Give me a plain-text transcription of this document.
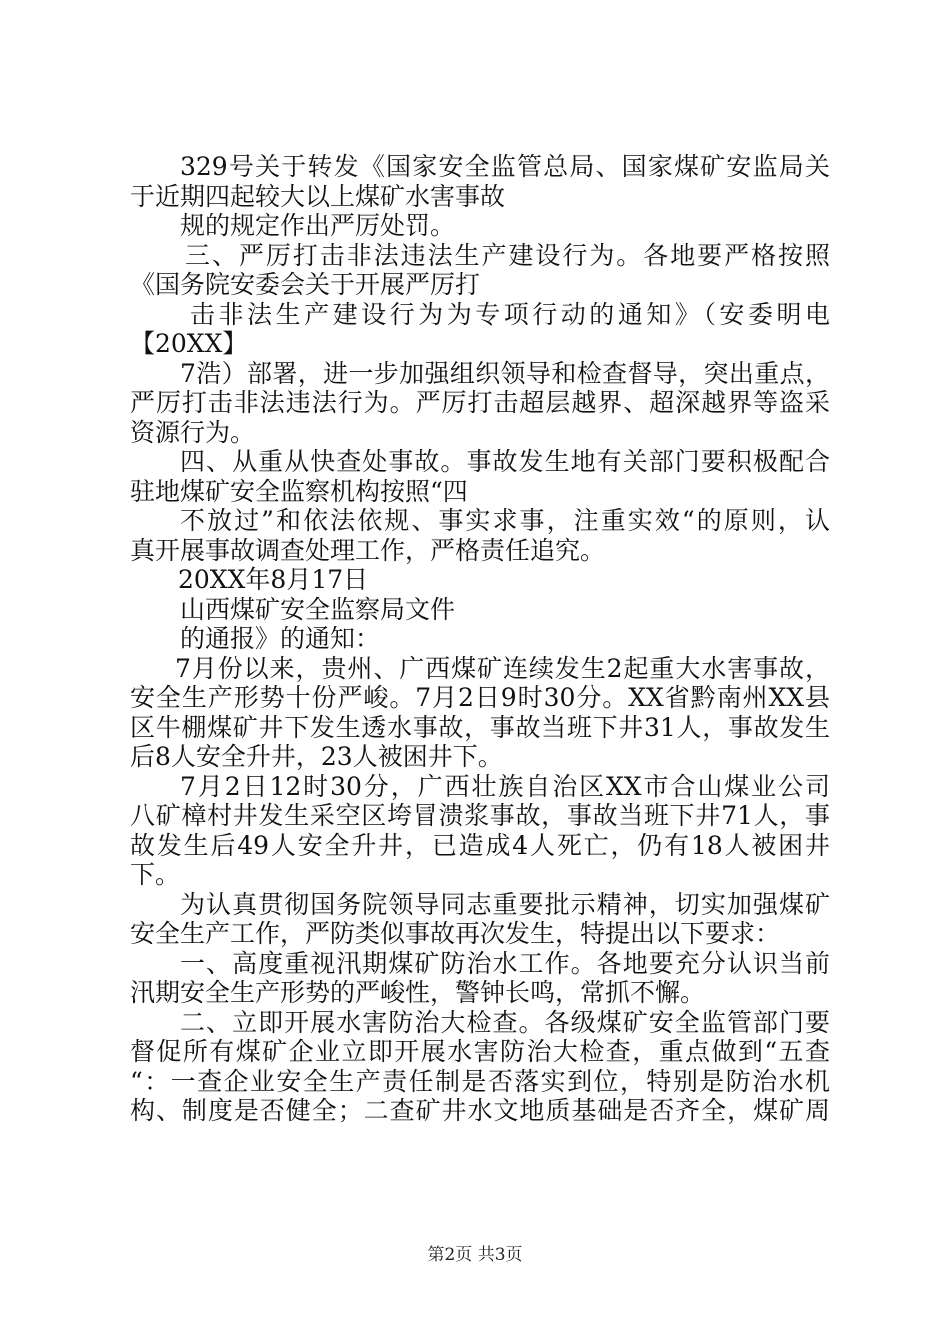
329号关于转发《国家安全监管总局、国家煤矿安监局关
于近期四起较大以上煤矿水害事故
规的规定作出严厉处罚。
三、严厉打击非法违法生产建设行为。各地要严格按照
《国务院安委会关于开展严厉打
击非法生产建设行为为专项行动的通知》（安委明电
【20XX】
7浩）部署，进一步加强组织领导和检查督导，突出重点，
严厉打击非法违法行为。严厉打击超层越界、超深越界等盗采
资源行为。
四、从重从快查处事故。事故发生地有关部门要积极配合
驻地煤矿安全监察机构按照“四
不放过”和依法依规、事实求事，注重实效“的原则，认
真开展事故调查处理工作，严格责任追究。
20XX年8月17日
山西煤矿安全监察局文件
的通报》的通知：
7月份以来，贵州、广西煤矿连续发生2起重大水害事故，
安全生产形势十份严峻。7月2日9时30分。XX省黔南州XX县
区牛棚煤矿井下发生透水事故，事故当班下井31人，事故发生
后8人安全升井，23人被困井下。
7月2日12时30分，广西壮族自治区XX市合山煤业公司
八矿樟村井发生采空区垮冒溃浆事故，事故当班下井71人，事
故发生后49人安全升井，已造成4人死亡，仍有18人被困井
下。
为认真贯彻国务院领导同志重要批示精神，切实加强煤矿
安全生产工作，严防类似事故再次发生，特提出以下要求：
一、高度重视汛期煤矿防治水工作。各地要充分认识当前
汛期安全生产形势的严峻性，警钟长鸣，常抓不懈。
二、立即开展水害防治大检查。各级煤矿安全监管部门要
督促所有煤矿企业立即开展水害防治大检查，重点做到“五查
“：一查企业安全生产责任制是否落实到位，特别是防治水机
构、制度是否健全；二查矿井水文地质基础是否齐全，煤矿周
第2页 共3页
